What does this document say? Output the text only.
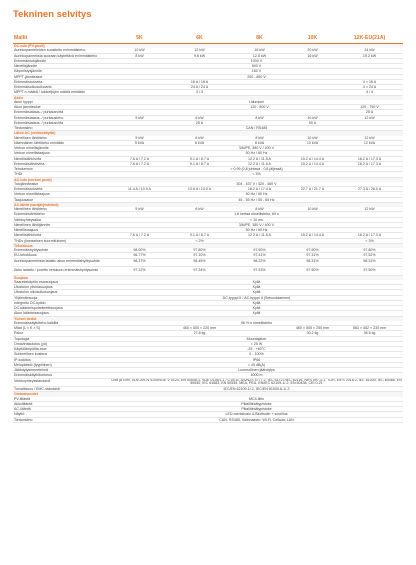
Tekninen selvitys
Mallit	5K	6K	8K	10K	12K-EU(21A)
DC-tulo (PV-puoli)					
Aurinkopaneeleiden suositeltu enimmäisteho	10 kW	12 kW	16 kW	20 kW	24 kW
Aurinkopaneelista suoraan käytettävä enimmäisteho	8 kW	9.6 kW	12.8 kW	16 kW	19.2 kW
Enimmäistulojännite	1000 V				
Nimellisjännite	600 V				
Käynnistysjännite	160 V				
MPPT-jännitealue	200 - 850 V				
Enimmäistulovirta		16 A / 16 A			4 × 16 A
Enimmäisoikosulkuvirta		24 A / 24 A			4 × 24 A
MPPT:n määrä / tuloketjujen määrä enintään		3 / 3			4 / 4
Akku					
Akun tyyppi	Litiumioni				
Akun jännitealue			120 - 800 V		120 - 750 V
Enimmäislataus- / purkausvirta					25 A
Enimmäislataus- / purkausteho	5 kW	6 kW	8 kW	10 kW	12 kW
Enimmäislataus- / purkausvirta		25 A		50 A	
Tiedonsiirto	CAN / RS485				
Lähtö AC (verkkokäyttö)					
Nimellinen lähtöteho	5 kW	6 kW	8 kW	10 kW	12 kW
Näennäinen lähtöteho enintään	5 kVA	6 kVA	8 kVA	10 kVA	12 kVA
Verkon nimellisjännite	3/N/PE, 380 V / 400 V				
Verkon nimellistaajuus	50 Hz / 60 Hz				
Nimellislähtövirta	7.6 A / 7.2 A	9.1 A / 8.7 A	12.2 A / 11.5 A	15.2 A / 14.4 A	18.2 A / 17.3 A
Enimmäislähtövirta	7.6 A / 7.2 A	9.1 A / 8.7 A	12.2 A / 11.5 A	15.2 A / 14.4 A	18.2 A / 17.3 A
Tehokerroin	> 0,99 (0,8 johtava - 0,8 jäljessä)				
THDi	< 3%				
AC-tulo (verkon puoli)					
Tulojännitealue	304 - 437 V / 320 - 460 V				
Enimmäistulovirta	11.4 A / 10.9 A	13.6 A / 13.0 A	18.2 A / 17.4 A	22.7 A / 21.7 A	27.3 A / 26.0 A
Verkon nimellistaajuus	50 Hz / 60 Hz				
Taajuusalue	45 - 55 Hz / 55 - 65 Hz				
AC-lähtö (varajärjestelmä)					
Nimellinen lähtöteho	5 kW	6 kW	8 kW	10 kW	12 kW
Enimmäislähtöteho	1,6 kertaa nimellisteho, 60 s				
Vaihtoyhteysaika	< 10 ms				
Nimellinen lähtöjännite	3/N/PE, 380 V / 400 V				
Nimellistaajuus	50 Hz / 60 Hz				
Nimellislähtövirta	7.6 A / 7.2 A	9.1 A / 8.7 A	12.2 A / 11.5 A	15.2 A / 14.4 A	18.2 A / 17.3 A
THDv (lineaarisen kuormituksen)		< 2%			< 3%
Tehokkuus					
Enimmäishyötysuhde	98.00%	97.80%	97.50%	97.90%	97.80%
EU-tehokkuus	96.77%	97.10%	97.41%	97.31%	97.52%
Aurinkopaneeleista ladattu akun enimmäishyötysuhde	98.37%	98.45%	98.22%	98.31%	98.31%
Akku ladattu / purettu verkkoon enimmäishyötysuhde	97.22%	97.34%	97.53%	97.50%	97.50%
Suojaus					
Saarekekäytön estosuojaus	Kyllä				
Ulostulon ylivirtasuojaus	Kyllä				
Ulostulon oikosulkusuojaus	Kyllä				
Ylijännitesuoja	DC-tyyppi II / AC-tyyppi II (Sekundaarinen)				
Integroitu DC-kytkin	Kyllä				
DC-käänteispolariteettisuojaus	Kyllä				
Akun käänteissuojaus	Kyllä				
Yleiset tiedot					
Enimmäiskäyttöteho kaikilla	96 %:n nimellisteho				
Mitat (L × K × S)		460 × 505 × 220 mm		460 × 505 × 250 mm	563 × 452 × 230 mm
Paino		27.8 kg		30.2 kg	36.5 kg
Topologia	Muuntajaton				
Omavirtakulutus (yö)	< 25 W				
Käyttölämpötila-alue	-25 - +60°C				
Suhteellinen kosteus	0 - 100%				
IP-luokitus	IP66				
Melupäästö (tyypillinen)	< 40 dB(A)				
Jäähdytysmenetelmä	Luonnollinen jäähdytys				
Enimmäiskäyttökorkeus	4000 m				
Verkkoyhteysstandardi	G98 ja G99, VDE-AR-N 4105/VDE V 0124, EN 50549-1, VDE 0126/1-1 / C10/11, AS/NZS 4777.2, IEC 61727/IEC 62116, NRS 097-2-1, TOR, EIFS 2018.2, IEC 61000, IEC 60068, EN 50530, IEC 61683, EN 50539, MEA, PEA, EN/IEC 62109-1/-2, EN 50438, CEI 0-21				
Turvallisuus / EMC-standardi	IEC/EN 62109-1/-2, IEC/EN 61000-6-1/-3				
Ominaisuudet					
PV-liitäntä	MC4-liitin				
Akkuliitäntä	Pikaliitintätypistoke				
AC-liitäntä	Pikaliitintätypistoke				
Näyttö	LED-merkkivalo & Bluetooth + sovellus				
Tiedonsiirto	CAN, RS485, Valinnainen: Wi-Fi, Cellular, LAN				
